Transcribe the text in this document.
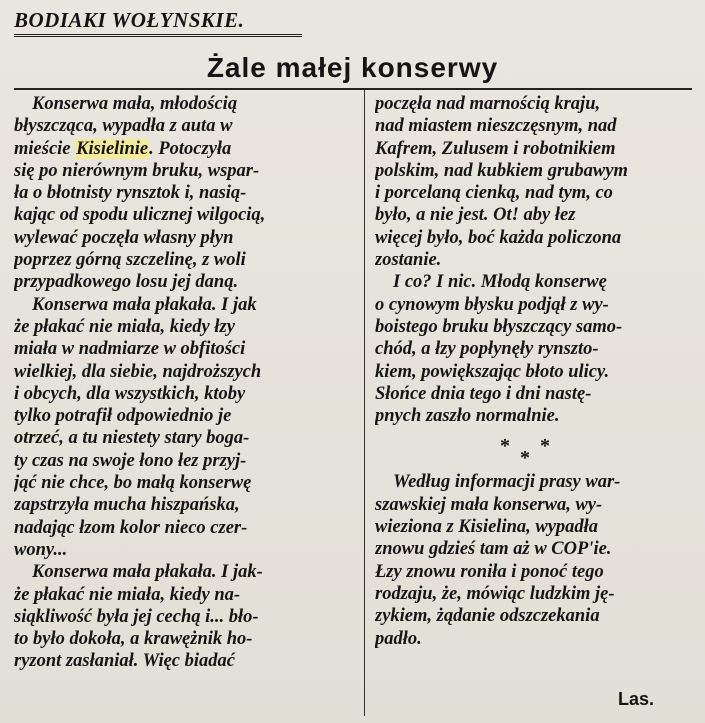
BODIAKI WOŁYNSKIE.
Żale małej konserwy
Konserwa mała, młodością
błyszcząca, wypadła z auta w
mieście Kisielinie. Potoczyła
się po nierównym bruku, wspar-
ła o błotnisty rynsztok i, nasią-
kając od spodu ulicznej wilgocią,
wylewać poczęła własny płyn
poprzez górną szczelinę, z woli
przypadkowego losu jej daną.
Konserwa mała płakała. I jak
że płakać nie miała, kiedy łzy
miała w nadmiarze w obfitości
wielkiej, dla siebie, najdroższych
i obcych, dla wszystkich, ktoby
tylko potrafił odpowiednio je
otrzeć, a tu niestety stary boga-
ty czas na swoje łono łez przyj-
jąć nie chce, bo małą konserwę
zapstrzyła mucha hiszpańska,
nadając łzom kolor nieco czer-
wony...
Konserwa mała płakała. I jak-
że płakać nie miała, kiedy na-
siąkliwość była jej cechą i... bło-
to było dokoła, a krawężnik ho-
ryzont zasłaniał. Więc biadać
poczęła nad marnością kraju,
nad miastem nieszczęsnym, nad
Kafrem, Zulusem i robotnikiem
polskim, nad kubkiem grubawym
i porcelaną cienką, nad tym, co
było, a nie jest. Ot! aby łez
więcej było, boć każda policzona
zostanie.
I co? I nic. Młodą konserwę
o cynowym błysku podjął z wy-
boistego bruku błyszczący samo-
chód, a łzy popłynęły rynszto-
kiem, powiększając błoto ulicy.
Słońce dnia tego i dni nastę-
pnych zaszło normalnie.
* *
*
Według informacji prasy war-
szawskiej mała konserwa, wy-
wieziona z Kisielina, wypadła
znowu gdzieś tam aż w COP'ie.
Łzy znowu roniła i ponoć tego
rodzaju, że, mówiąc ludzkim ję-
zykiem, żądanie odszczekania
padło.
Las.
